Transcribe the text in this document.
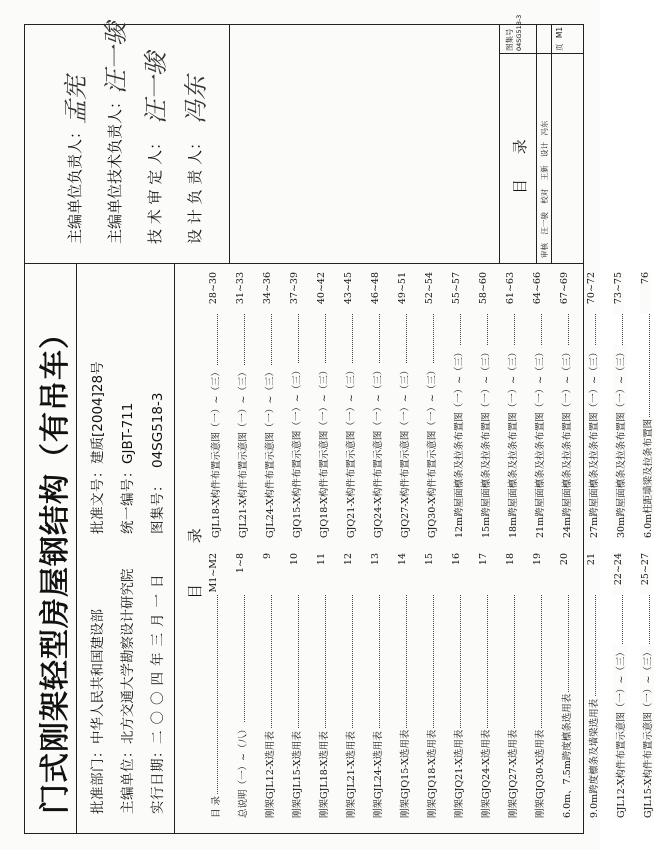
门式刚架轻型房屋钢结构（有吊车） 批准部门：中华人民共和国建设部
批准文号：建质[2004]28号
主编单位：北方交通大学勘察设计研究院
统一编号：GJBT-711
实行日期：二〇〇四年三月一日
图集号：04SG518-3
主编单位负责人：
孟宪 主编单位技术负责人：
汪一骏
技 术 审 定 人：
汪一骏
设 计 负 责 人：
冯东
目 录
目 录
M1~M2
总说明（一）~（八）
1~8
刚架GJL12-X选用表
9
刚架GJL15-X选用表
10
刚架GJL18-X选用表
11
刚架GJL21-X选用表
12
刚架GJL24-X选用表
13
刚架GJQ15-X选用表
14
刚架GJQ18-X选用表
15
刚架GJQ21-X选用表
16
刚架GJQ24-X选用表
17
刚架GJQ27-X选用表
18
刚架GJQ30-X选用表
19
6.0m、7.5m跨度檩条选用表
20
9.0m跨度檩条及墙梁选用表
21
GJL12-X构件布置示意图（一）~（三）
22~24
GJL15-X构件布置示意图（一）~（三）
25~27
GJL18-X构件布置示意图（一）~（三）
28~30
GJL21-X构件布置示意图（一）~（三）
31~33
GJL24-X构件布置示意图（一）~（三）
34~36
GJQ15-X构件布置示意图（一）~（三）
37~39
GJQ18-X构件布置示意图（一）~（三）
40~42
GJQ21-X构件布置示意图（一）~（三）
43~45
GJQ24-X构件布置示意图（一）~（三）
46~48
GJQ27-X构件布置示意图（一）~（三）
49~51
GJQ30-X构件布置示意图（一）~（三）
52~54
12m跨屋面檩条及拉条布置图（一）~（三）
55~57
15m跨屋面檩条及拉条布置图（一）~（三）
58~60
18m跨屋面檩条及拉条布置图（一）~（三）
61~63
21m跨屋面檩条及拉条布置图（一）~（三）
64~66
24m跨屋面檩条及拉条布置图（一）~（三）
67~69
27m跨屋面檩条及拉条布置图（一）~（三）
70~72
30m跨屋面檩条及拉条布置图（一）~（三）
73~75
6.0m柱距墙梁及拉条布置图
76
目 录
审核 汪一骏 校对 王新 设计 冯东
图集号 04SG518-3	页 M1
